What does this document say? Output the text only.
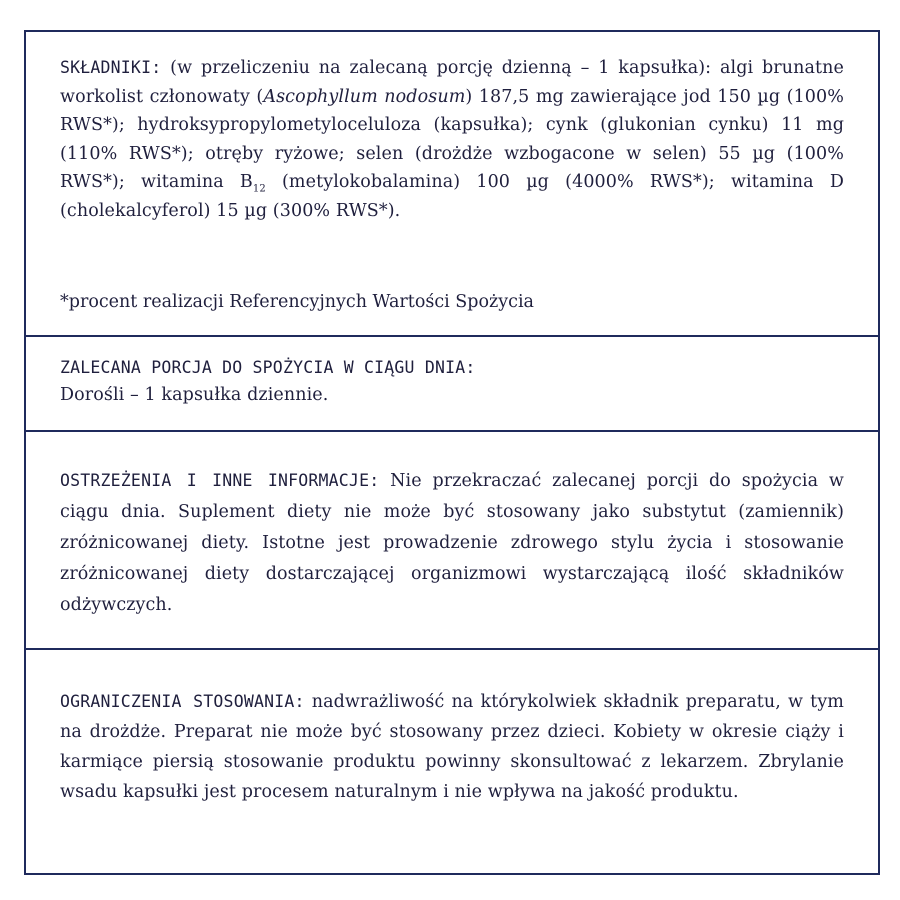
SKŁADNIKI: (w przeliczeniu na zalecaną porcję dzienną – 1 kapsułka): algi brunatne workolist członowaty (Ascophyllum nodosum) 187,5 mg zawierające jod 150 µg (100% RWS*); hydroksypropylometyloceluloza (kapsułka); cynk (glukonian cynku) 11 mg (110% RWS*); otręby ryżowe; selen (drożdże wzbogacone w selen) 55 µg (100% RWS*); witamina $B_{12}$ (metylokobalamina) 100 µg (4000% RWS*); witamina D (cholekalcyferol) 15 µg (300% RWS*).
*procent realizacji Referencyjnych Wartości Spożycia
ZALECANA PORCJA DO SPOŻYCIA W CIĄGU DNIA:
Dorośli – 1 kapsułka dziennie.
OSTRZEŻENIA I INNE INFORMACJE: Nie przekraczać zalecanej porcji do spożycia w ciągu dnia. Suplement diety nie może być stosowany jako substytut (zamiennik) zróżnicowanej diety. Istotne jest prowadzenie zdrowego stylu życia i stosowanie zróżnicowanej diety dostarczającej organizmowi wystarczającą ilość składników odżywczych.
OGRANICZENIA STOSOWANIA: nadwrażliwość na którykolwiek składnik preparatu, w tym na drożdże. Preparat nie może być stosowany przez dzieci. Kobiety w okresie ciąży i karmiące piersią stosowanie produktu powinny skonsultować z lekarzem. Zbrylanie wsadu kapsułki jest procesem naturalnym i nie wpływa na jakość produktu.
